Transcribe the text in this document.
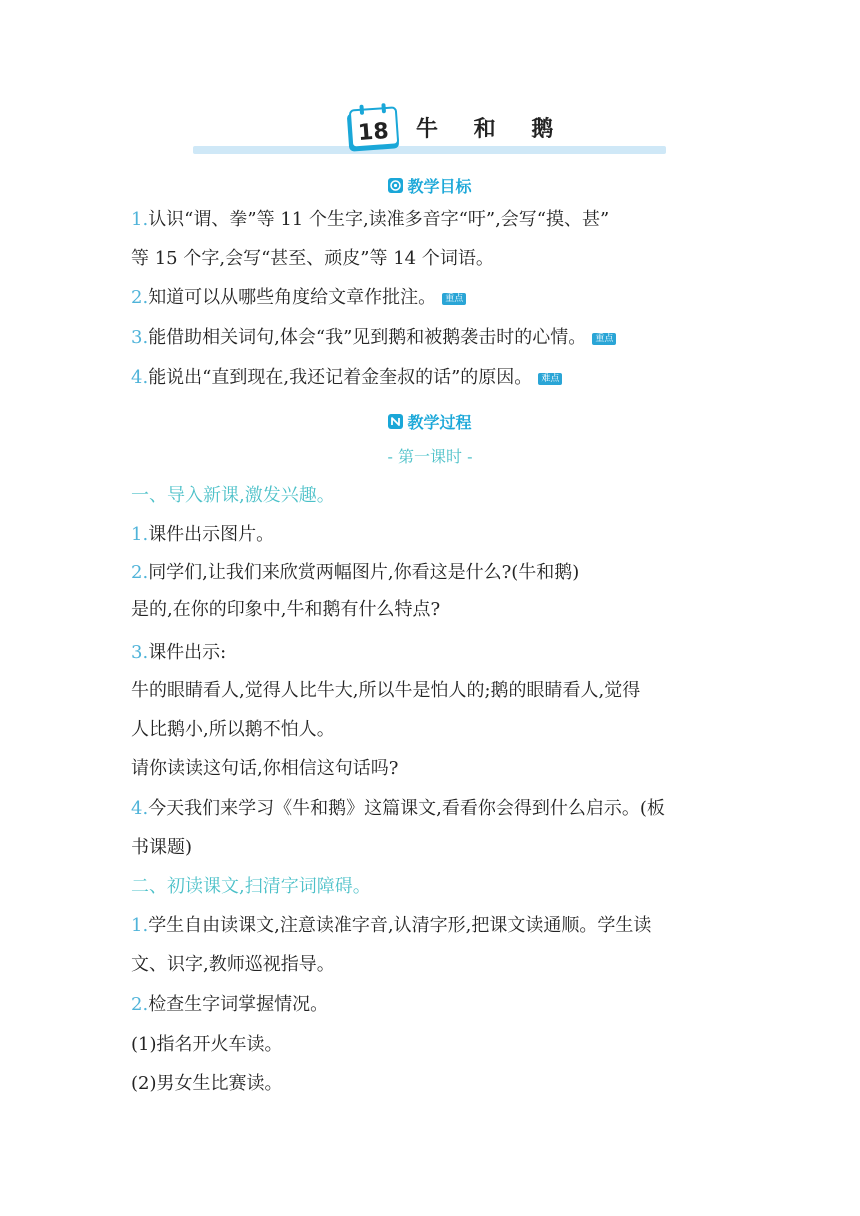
18 牛 和 鹅
教学目标
1.认识“谓、拳”等 11 个生字,读准多音字“吁”,会写“摸、甚”
等 15 个字,会写“甚至、顽皮”等 14 个词语。
2.知道可以从哪些角度给文章作批注。 重点
3.能借助相关词句,体会“我”见到鹅和被鹅袭击时的心情。 重点
4.能说出“直到现在,我还记着金奎叔的话”的原因。 难点
教学过程
- 第一课时 -
一、导入新课,激发兴趣。
1.课件出示图片。
2.同学们,让我们来欣赏两幅图片,你看这是什么?(牛和鹅)
是的,在你的印象中,牛和鹅有什么特点?
3.课件出示:
牛的眼睛看人,觉得人比牛大,所以牛是怕人的;鹅的眼睛看人,觉得
人比鹅小,所以鹅不怕人。
请你读读这句话,你相信这句话吗?
4.今天我们来学习《牛和鹅》这篇课文,看看你会得到什么启示。(板
书课题)
二、初读课文,扫清字词障碍。
1.学生自由读课文,注意读准字音,认清字形,把课文读通顺。学生读
文、识字,教师巡视指导。
2.检查生字词掌握情况。
(1)指名开火车读。
(2)男女生比赛读。
